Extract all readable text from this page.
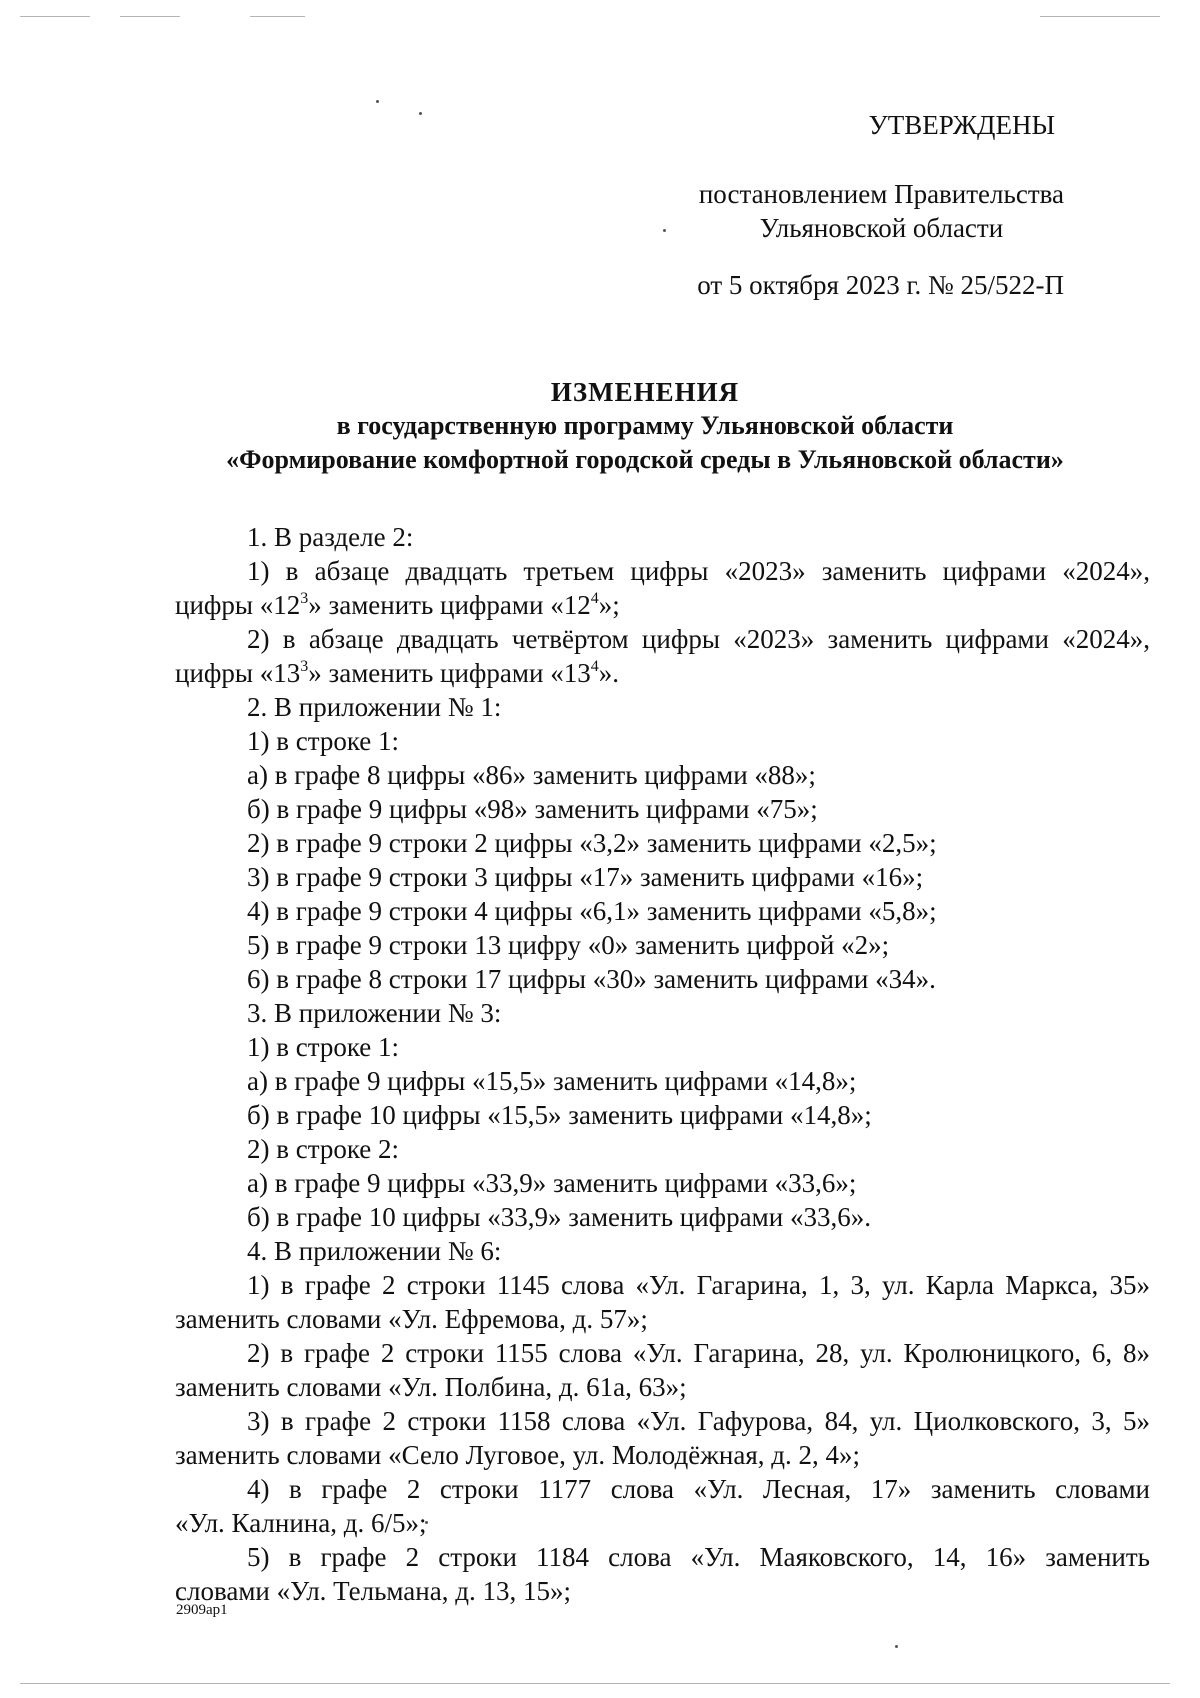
УТВЕРЖДЕНЫ
постановлением Правительства
Ульяновской области
от 5 октября 2023 г. № 25/522-П
ИЗМЕНЕНИЯ
в государственную программу Ульяновской области
«Формирование комфортной городской среды в Ульяновской области»
1. В разделе 2:
1) в абзаце двадцать третьем цифры «2023» заменить цифрами «2024»,
цифры «$12^3$» заменить цифрами «$12^4$»;
2) в абзаце двадцать четвёртом цифры «2023» заменить цифрами «2024»,
цифры «$13^3$» заменить цифрами «$13^4$».
2. В приложении № 1:
1) в строке 1:
а) в графе 8 цифры «86» заменить цифрами «88»;
б) в графе 9 цифры «98» заменить цифрами «75»;
2) в графе 9 строки 2 цифры «3,2» заменить цифрами «2,5»;
3) в графе 9 строки 3 цифры «17» заменить цифрами «16»;
4) в графе 9 строки 4 цифры «6,1» заменить цифрами «5,8»;
5) в графе 9 строки 13 цифру «0» заменить цифрой «2»;
6) в графе 8 строки 17 цифры «30» заменить цифрами «34».
3. В приложении № 3:
1) в строке 1:
а) в графе 9 цифры «15,5» заменить цифрами «14,8»;
б) в графе 10 цифры «15,5» заменить цифрами «14,8»;
2) в строке 2:
а) в графе 9 цифры «33,9» заменить цифрами «33,6»;
б) в графе 10 цифры «33,9» заменить цифрами «33,6».
4. В приложении № 6:
1) в графе 2 строки 1145 слова «Ул. Гагарина, 1, 3, ул. Карла Маркса, 35»
заменить словами «Ул. Ефремова, д. 57»;
2) в графе 2 строки 1155 слова «Ул. Гагарина, 28, ул. Кролюницкого, 6, 8»
заменить словами «Ул. Полбина, д. 61а, 63»;
3) в графе 2 строки 1158 слова «Ул. Гафурова, 84, ул. Циолковского, 3, 5»
заменить словами «Село Луговое, ул. Молодёжная, д. 2, 4»;
4) в графе 2 строки 1177 слова «Ул. Лесная, 17» заменить словами
«Ул. Калнина, д. 6/5»;
5) в графе 2 строки 1184 слова «Ул. Маяковского, 14, 16» заменить
словами «Ул. Тельмана, д. 13, 15»;
2909ар1
